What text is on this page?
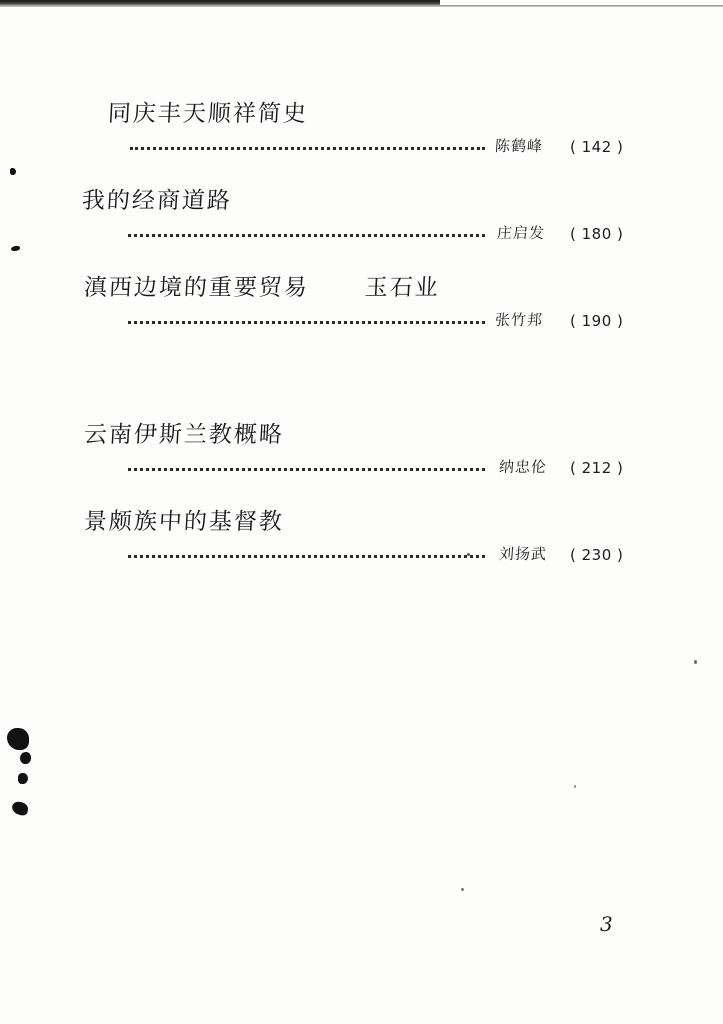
同庆丰天顺祥简史
陈鹤峰 ( 142 )
我的经商道路
庄启发 ( 180 )
滇西边境的重要贸易      玉石业
张竹邦 ( 190 )
云南伊斯兰教概略
纳忠伦 ( 212 )
景颇族中的基督教
刘扬武 ( 230 )
3
